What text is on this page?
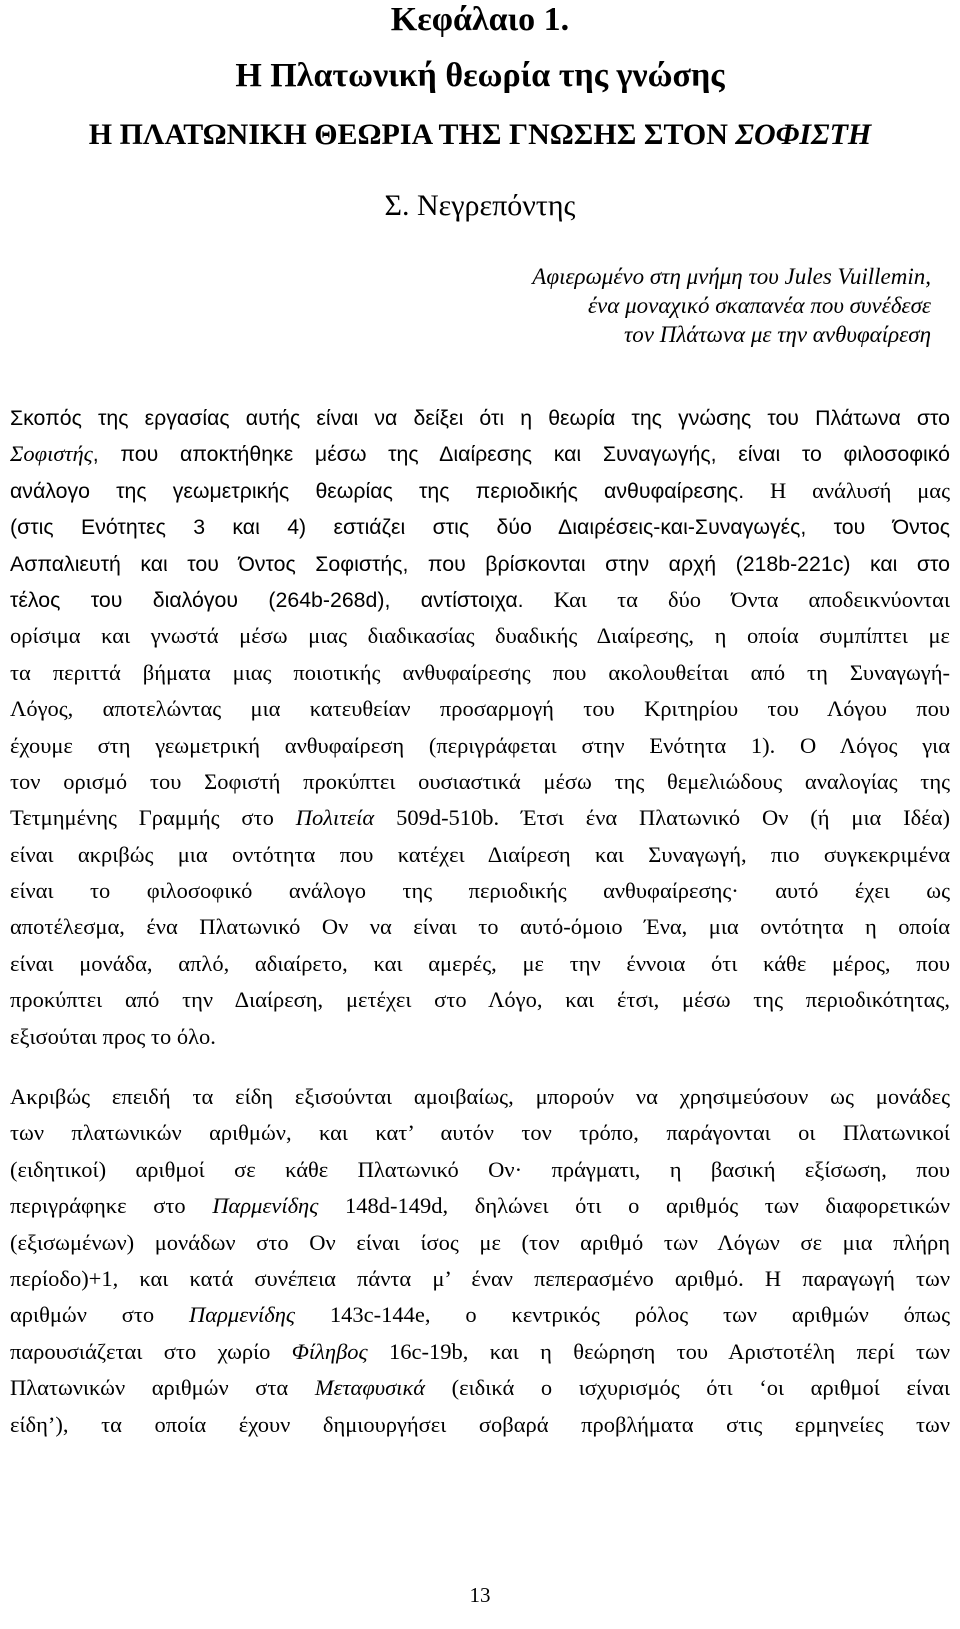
Κεφάλαιο 1.
Η Πλατωνική θεωρία της γνώσης
Η ΠΛΑΤΩΝΙΚΗ ΘΕΩΡΙΑ ΤΗΣ ΓΝΩΣΗΣ ΣΤΟΝ ΣΟΦΙΣΤΗ
Σ. Νεγρεπόντης
Αφιερωμένο στη μνήμη του Jules Vuillemin,
ένα μοναχικό σκαπανέα που συνέδεσε
τον Πλάτωνα με την ανθυφαίρεση
Σκοπός της εργασίας αυτής είναι να δείξει ότι η θεωρία της γνώσης του Πλάτωνα στο
Σοφιστής, που αποκτήθηκε μέσω της Διαίρεσης και Συναγωγής, είναι το φιλοσοφικό
ανάλογο της γεωμετρικής θεωρίας της περιοδικής ανθυφαίρεσης. Η ανάλυσή μας
(στις Ενότητες 3 και 4) εστιάζει στις δύο Διαιρέσεις-και-Συναγωγές, του Όντος
Ασπαλιευτή και του Όντος Σοφιστής, που βρίσκονται στην αρχή (218b-221c) και στο
τέλος του διαλόγου (264b-268d), αντίστοιχα. Και τα δύο Όντα αποδεικνύονται
ορίσιμα και γνωστά μέσω μιας διαδικασίας δυαδικής Διαίρεσης, η οποία συμπίπτει με
τα περιττά βήματα μιας ποιοτικής ανθυφαίρεσης που ακολουθείται από τη Συναγωγή-
Λόγος, αποτελώντας μια κατευθείαν προσαρμογή του Κριτηρίου του Λόγου που
έχουμε στη γεωμετρική ανθυφαίρεση (περιγράφεται στην Ενότητα 1). Ο Λόγος για
τον ορισμό του Σοφιστή προκύπτει ουσιαστικά μέσω της θεμελιώδους αναλογίας της
Τετμημένης Γραμμής στο Πολιτεία 509d-510b. Έτσι ένα Πλατωνικό Ον (ή μια Ιδέα)
είναι ακριβώς μια οντότητα που κατέχει Διαίρεση και Συναγωγή, πιο συγκεκριμένα
είναι το φιλοσοφικό ανάλογο της περιοδικής ανθυφαίρεσης· αυτό έχει ως
αποτέλεσμα, ένα Πλατωνικό Ον να είναι το αυτό-όμοιο Ένα, μια οντότητα η οποία
είναι μονάδα, απλό, αδιαίρετο, και αμερές, με την έννοια ότι κάθε μέρος, που
προκύπτει από την Διαίρεση, μετέχει στο Λόγο, και έτσι, μέσω της περιοδικότητας,
εξισούται προς το όλο.
Ακριβώς επειδή τα είδη εξισούνται αμοιβαίως, μπορούν να χρησιμεύσουν ως μονάδες
των πλατωνικών αριθμών, και κατ’ αυτόν τον τρόπο, παράγονται οι Πλατωνικοί
(ειδητικοί) αριθμοί σε κάθε Πλατωνικό Ον· πράγματι, η βασική εξίσωση, που
περιγράφηκε στο Παρμενίδης 148d-149d, δηλώνει ότι ο αριθμός των διαφορετικών
(εξισωμένων) μονάδων στο Ον είναι ίσος με (τον αριθμό των Λόγων σε μια πλήρη
περίοδο)+1, και κατά συνέπεια πάντα μ’ έναν πεπερασμένο αριθμό. Η παραγωγή των
αριθμών στο Παρμενίδης 143c-144e, ο κεντρικός ρόλος των αριθμών όπως
παρουσιάζεται στο χωρίο Φίληβος 16c-19b, και η θεώρηση του Αριστοτέλη περί των
Πλατωνικών αριθμών στα Μεταφυσικά (ειδικά ο ισχυρισμός ότι ‘οι αριθμοί είναι
είδη’), τα οποία έχουν δημιουργήσει σοβαρά προβλήματα στις ερμηνείες των
13
